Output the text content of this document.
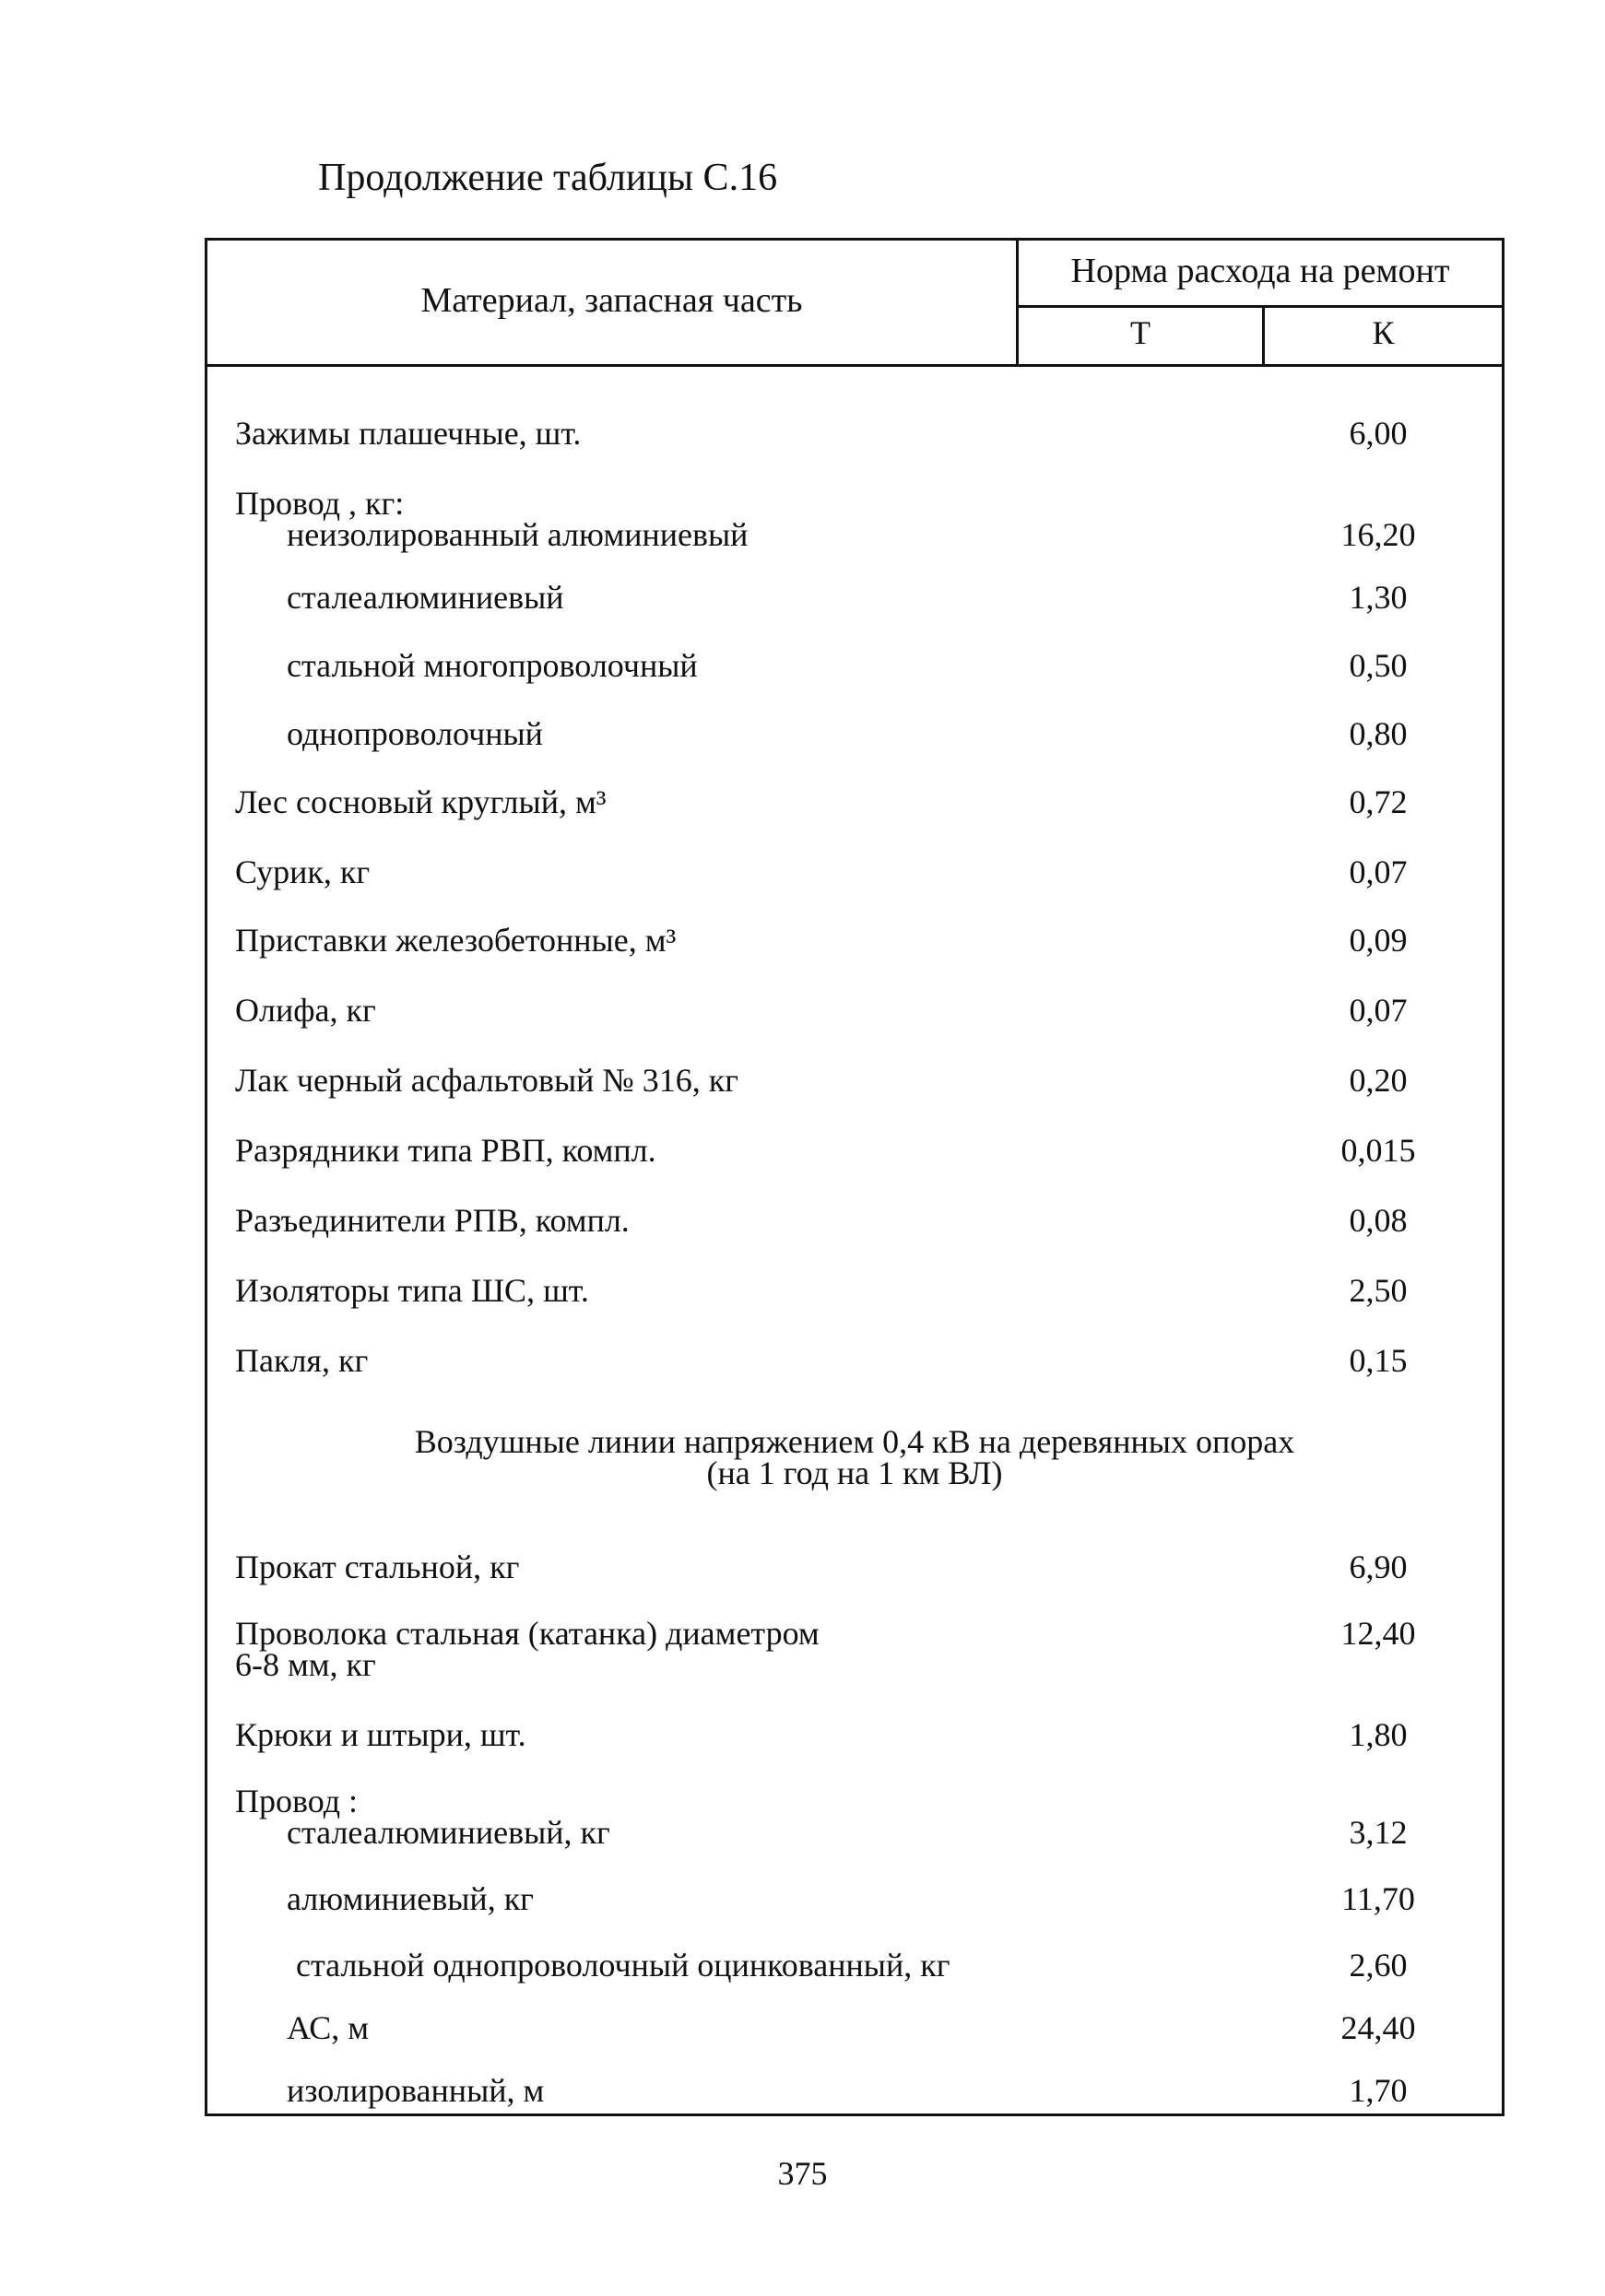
Продолжение таблицы С.16
Материал, запасная часть
Норма расхода на ремонт
Т	К
Зажимы плашечные, шт.	6,00
Провод , кг:
неизолированный алюминиевый	16,20
сталеалюминиевый	1,30
стальной многопроволочный	0,50
однопроволочный	0,80
Лес сосновый круглый, м³	0,72
Сурик, кг	0,07
Приставки железобетонные, м³	0,09
Олифа, кг	0,07
Лак черный асфальтовый № 316, кг	0,20
Разрядники типа РВП, компл.	0,015
Разъединители РПВ, компл.	0,08
Изоляторы типа ШС, шт.	2,50
Пакля, кг	0,15
Воздушные линии напряжением 0,4 кВ на деревянных опорах
(на 1 год на 1 км ВЛ)
Прокат стальной, кг	6,90
Проволока стальная (катанка) диаметром	12,40
6-8 мм, кг
Крюки и штыри, шт.	1,80
Провод :
сталеалюминиевый, кг	3,12
алюминиевый, кг	11,70
стальной однопроволочный оцинкованный, кг	2,60
АС, м	24,40
изолированный, м	1,70
375
